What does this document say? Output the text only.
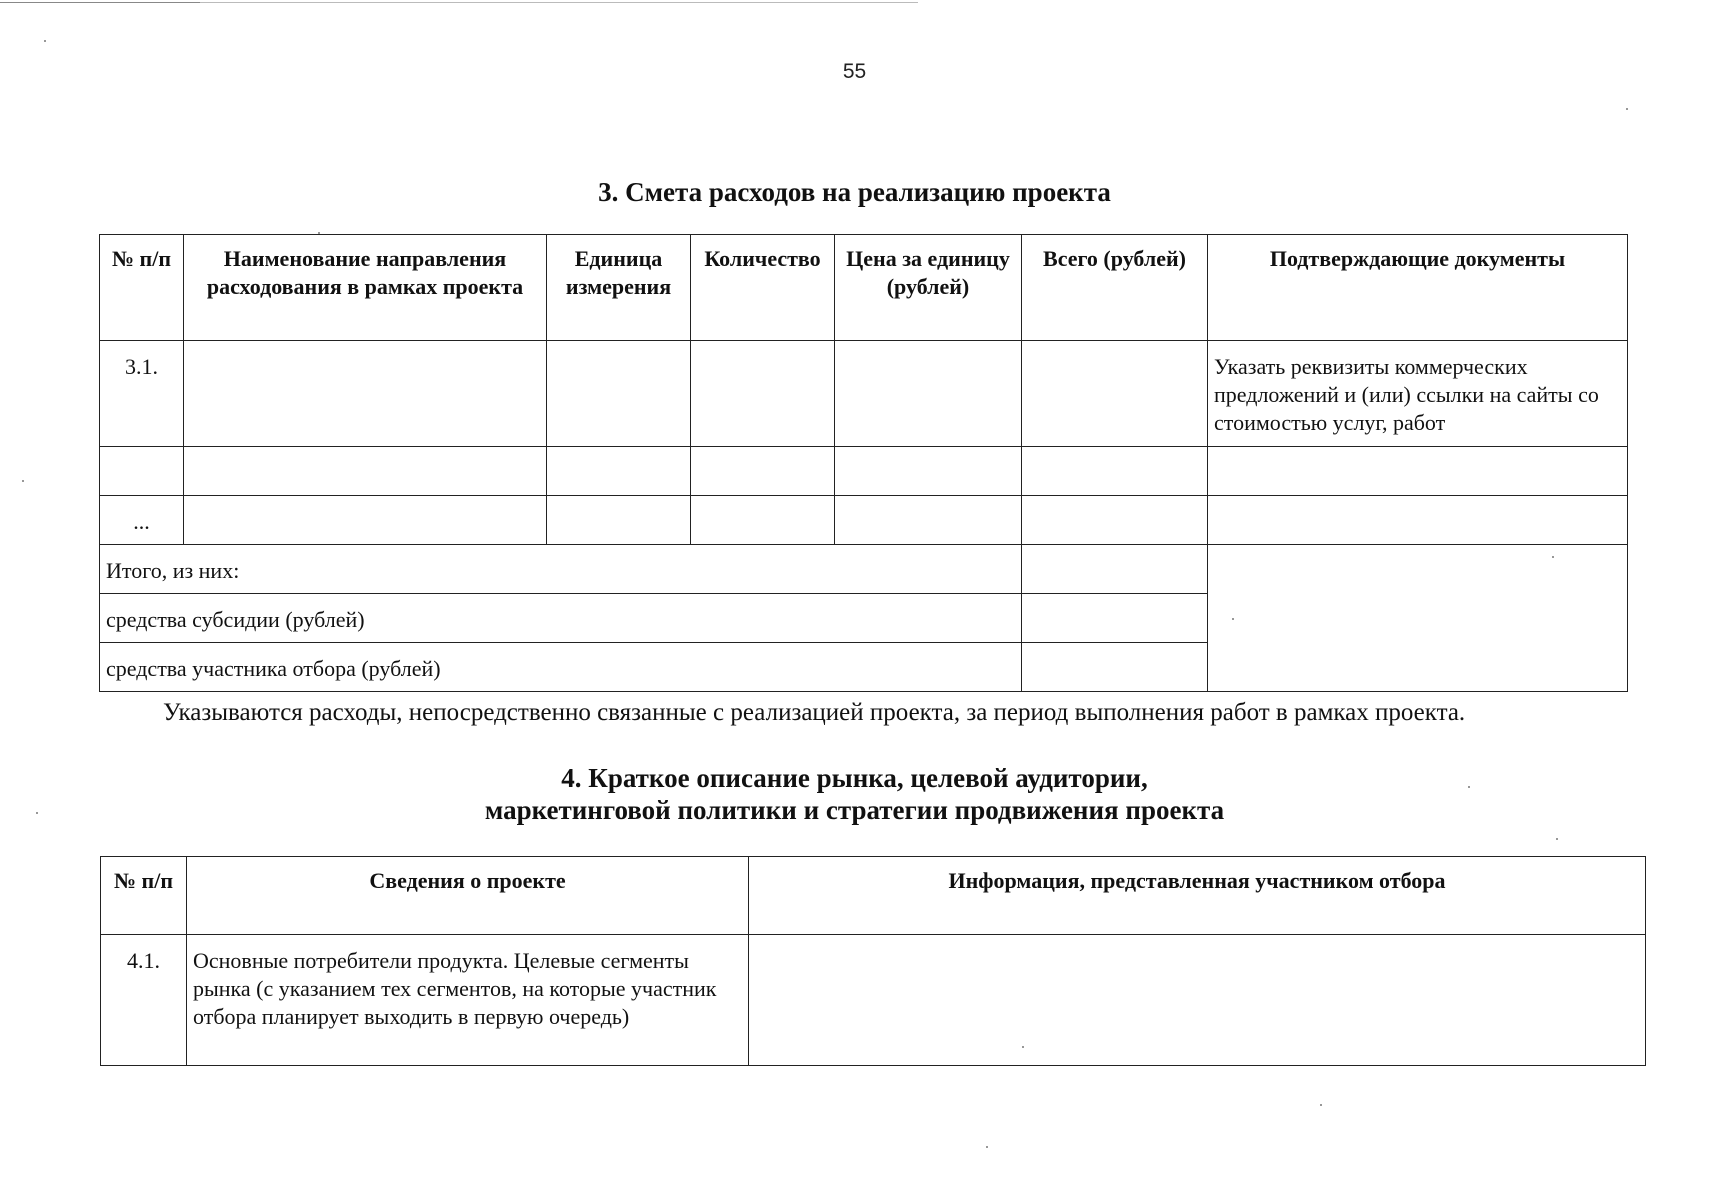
55
3. Смета расходов на реализацию проекта
№ п/п	Наименование направления расходования в рамках проекта	Единица измерения	Количество	Цена за единицу (рублей)	Всего (рублей)	Подтверждающие документы
3.1.						Указать реквизиты коммерческих предложений и (или) ссылки на сайты со стоимостью услуг, работ

...						
Итого, из них:						
средства субсидии (рублей)						
средства участника отбора (рублей)						
Указываются расходы, непосредственно связанные с реализацией проекта, за период выполнения работ в рамках проекта.
4. Краткое описание рынка, целевой аудитории,
маркетинговой политики и стратегии продвижения проекта
№ п/п	Сведения о проекте	Информация, представленная участником отбора
4.1.	Основные потребители продукта. Целевые сегменты рынка (с указанием тех сегментов, на которые участник отбора планирует выходить в первую очередь)	
